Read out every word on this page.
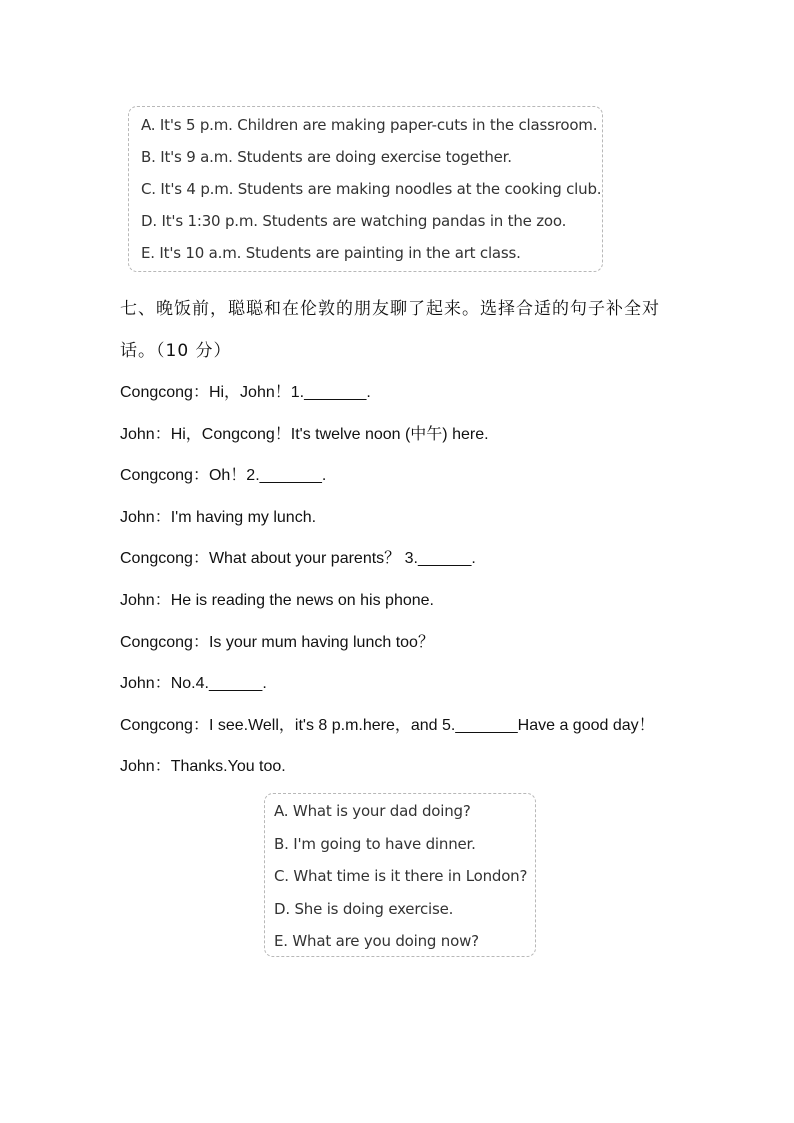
A. It's 5 p.m. Children are making paper-cuts in the classroom.
B. It's 9 a.m. Students are doing exercise together.
C. It's 4 p.m. Students are making noodles at the cooking club.
D. It's 1:30 p.m. Students are watching pandas in the zoo.
E. It's 10 a.m. Students are painting in the art class.
七、晚饭前，聪聪和在伦敦的朋友聊了起来。选择合适的句子补全对
话。（10 分）
Congcong：Hi，John！1._______.
John：Hi，Congcong！It's twelve noon (中午) here.
Congcong：Oh！2._______.
John：I'm having my lunch.
Congcong：What about your parents？ 3.______.
John：He is reading the news on his phone.
Congcong：Is your mum having lunch too？
John：No.4.______.
Congcong：I see.Well，it's 8 p.m.here，and 5._______Have a good day！
John：Thanks.You too.
A. What is your dad doing?
B. I'm going to have dinner.
C. What time is it there in London?
D. She is doing exercise.
E. What are you doing now?
